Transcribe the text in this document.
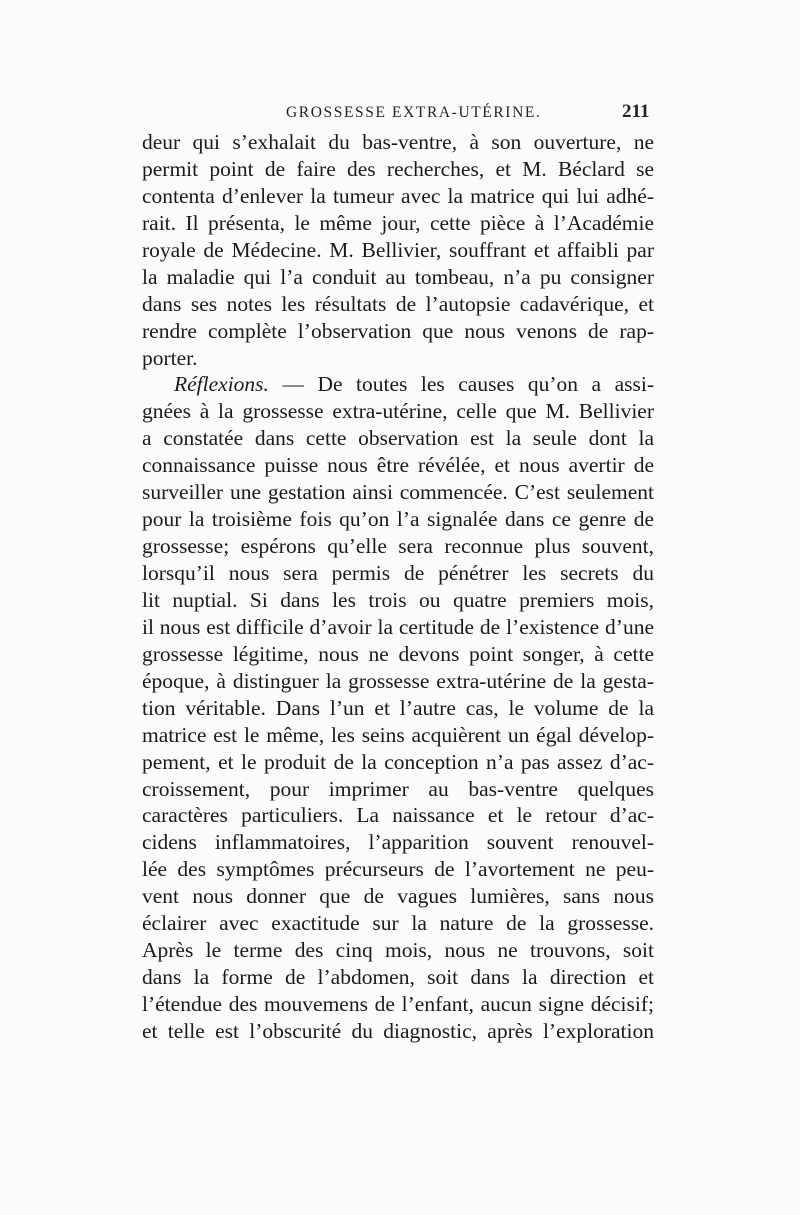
GROSSESSE EXTRA-UTÉRINE.	211
deur qui s’exhalait du bas-ventre, à son ouverture, ne
permit point de faire des recherches, et M. Béclard se
contenta d’enlever la tumeur avec la matrice qui lui adhé-
rait. Il présenta, le même jour, cette pièce à l’Académie
royale de Médecine. M. Bellivier, souffrant et affaibli par
la maladie qui l’a conduit au tombeau, n’a pu consigner
dans ses notes les résultats de l’autopsie cadavérique, et
rendre complète l’observation que nous venons de rap-
porter.
Réflexions. — De toutes les causes qu’on a assi-
gnées à la grossesse extra-utérine, celle que M. Bellivier
a constatée dans cette observation est la seule dont la
connaissance puisse nous être révélée, et nous avertir de
surveiller une gestation ainsi commencée. C’est seulement
pour la troisième fois qu’on l’a signalée dans ce genre de
grossesse; espérons qu’elle sera reconnue plus souvent,
lorsqu’il nous sera permis de pénétrer les secrets du
lit nuptial. Si dans les trois ou quatre premiers mois,
il nous est difficile d’avoir la certitude de l’existence d’une
grossesse légitime, nous ne devons point songer, à cette
époque, à distinguer la grossesse extra-utérine de la gesta-
tion véritable. Dans l’un et l’autre cas, le volume de la
matrice est le même, les seins acquièrent un égal dévelop-
pement, et le produit de la conception n’a pas assez d’ac-
croissement, pour imprimer au bas-ventre quelques
caractères particuliers. La naissance et le retour d’ac-
cidens inflammatoires, l’apparition souvent renouvel-
lée des symptômes précurseurs de l’avortement ne peu-
vent nous donner que de vagues lumières, sans nous
éclairer avec exactitude sur la nature de la grossesse.
Après le terme des cinq mois, nous ne trouvons, soit
dans la forme de l’abdomen, soit dans la direction et
l’étendue des mouvemens de l’enfant, aucun signe décisif;
et telle est l’obscurité du diagnostic, après l’exploration
